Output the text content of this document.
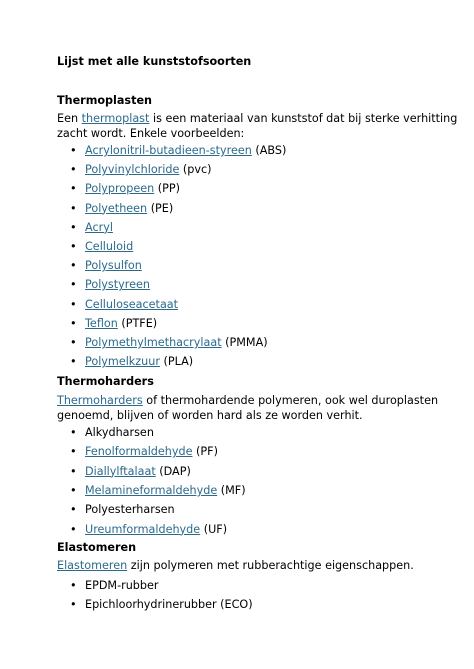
Lijst met alle kunststofsoorten
Thermoplasten
Een thermoplast is een materiaal van kunststof dat bij sterke verhitting
zacht wordt. Enkele voorbeelden:
• Acrylonitril-butadieen-styreen (ABS)
• Polyvinylchloride (pvc)
• Polypropeen (PP)
• Polyetheen (PE)
• Acryl
• Celluloid
• Polysulfon
• Polystyreen
• Celluloseacetaat
• Teflon (PTFE)
• Polymethylmethacrylaat (PMMA)
• Polymelkzuur (PLA)
Thermoharders
Thermoharders of thermohardende polymeren, ook wel duroplasten
genoemd, blijven of worden hard als ze worden verhit.
• Alkydharsen
• Fenolformaldehyde (PF)
• Diallylftalaat (DAP)
• Melamineformaldehyde (MF)
• Polyesterharsen
• Ureumformaldehyde (UF)
Elastomeren
Elastomeren zijn polymeren met rubberachtige eigenschappen.
• EPDM-rubber
• Epichloorhydrinerubber (ECO)
